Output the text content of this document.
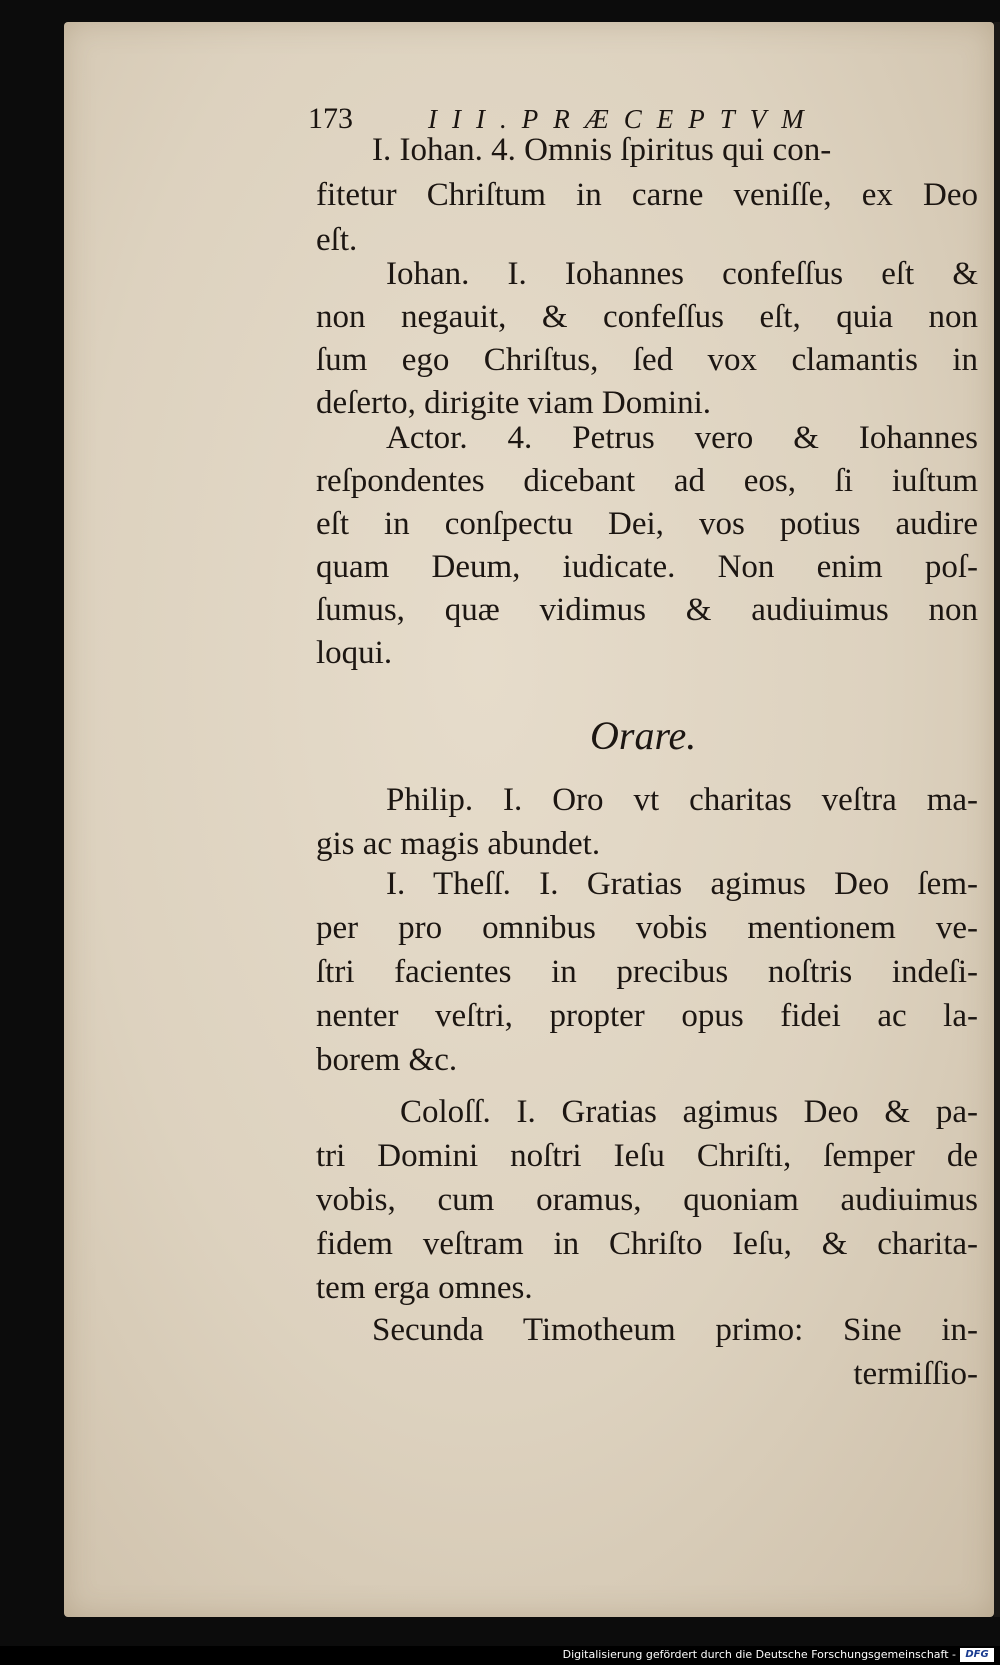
173	III.PRÆCEPTVM
I. Iohan. 4. Omnis ſpiritus qui con-
fitetur Chriſtum in carne veniſſe, ex Deo
eſt.
Iohan. I. Iohannes confeſſus eſt &
non negauit, & confeſſus eſt, quia non
ſum ego Chriſtus, ſed vox clamantis in
deſerto, dirigite viam Domini.
Actor. 4. Petrus vero & Iohannes
reſpondentes dicebant ad eos, ſi iuſtum
eſt in conſpectu Dei, vos potius audire
quam Deum, iudicate. Non enim poſ-
ſumus, quæ vidimus & audiuimus non
loqui.
Orare.
Philip. I. Oro vt charitas veſtra ma-
gis ac magis abundet.
I. Theſſ. I. Gratias agimus Deo ſem-
per pro omnibus vobis mentionem ve-
ſtri facientes in precibus noſtris indeſi-
nenter veſtri, propter opus fidei ac la-
borem &c.
Coloſſ. I. Gratias agimus Deo & pa-
tri Domini noſtri Ieſu Chriſti, ſemper de
vobis, cum oramus, quoniam audiuimus
fidem veſtram in Chriſto Ieſu, & charita-
tem erga omnes.
Secunda Timotheum primo: Sine in-
termiſſio-
Digitalisierung gefördert durch die Deutsche Forschungsgemeinschaft - DFG
